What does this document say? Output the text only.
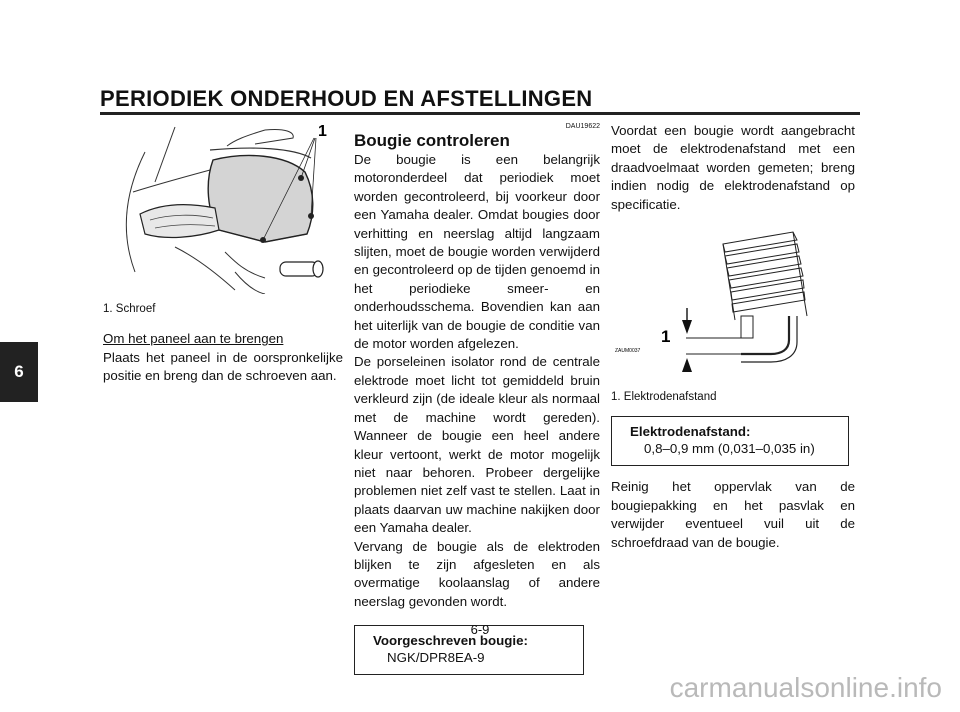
PERIODIEK ONDERHOUD EN AFSTELLINGEN
6
1

1. Schroef

Om het paneel aan te brengen

Plaats het paneel in de oorspronkelijke positie en breng dan de schroeven aan.

DAU19622

Bougie controleren

De bougie is een belangrijk motoronderdeel dat periodiek moet worden gecontroleerd, bij voorkeur door een Yamaha dealer. Omdat bougies door verhitting en neerslag altijd langzaam slijten, moet de bougie worden verwijderd en gecontroleerd op de tijden genoemd in het periodieke smeer- en onderhoudsschema. Bovendien kan aan het uiterlijk van de bougie de conditie van de motor worden afgelezen.

De porseleinen isolator rond de centrale elektrode moet licht tot gemiddeld bruin verkleurd zijn (de ideale kleur als normaal met de machine wordt gereden). Wanneer de bougie een heel andere kleur vertoont, werkt de motor mogelijk niet naar behoren. Probeer dergelijke problemen niet zelf vast te stellen. Laat in plaats daarvan uw machine nakijken door een Yamaha dealer.

Vervang de bougie als de elektroden blijken te zijn afgesleten en als overmatige koolaanslag of andere neerslag gevonden wordt.

Voorgeschreven bougie:
NGK/DPR8EA-9

Voordat een bougie wordt aangebracht moet de elektrodenafstand met een draadvoelmaat worden gemeten; breng indien nodig de elektrodenafstand op specificatie.

1
ZAUM0037

1. Elektrodenafstand

Elektrodenafstand:
0,8–0,9 mm (0,031–0,035 in)

Reinig het oppervlak van de bougiepakking en het pasvlak en verwijder eventueel vuil uit de schroefdraad van de bougie.

6-9
carmanualsonline.info
